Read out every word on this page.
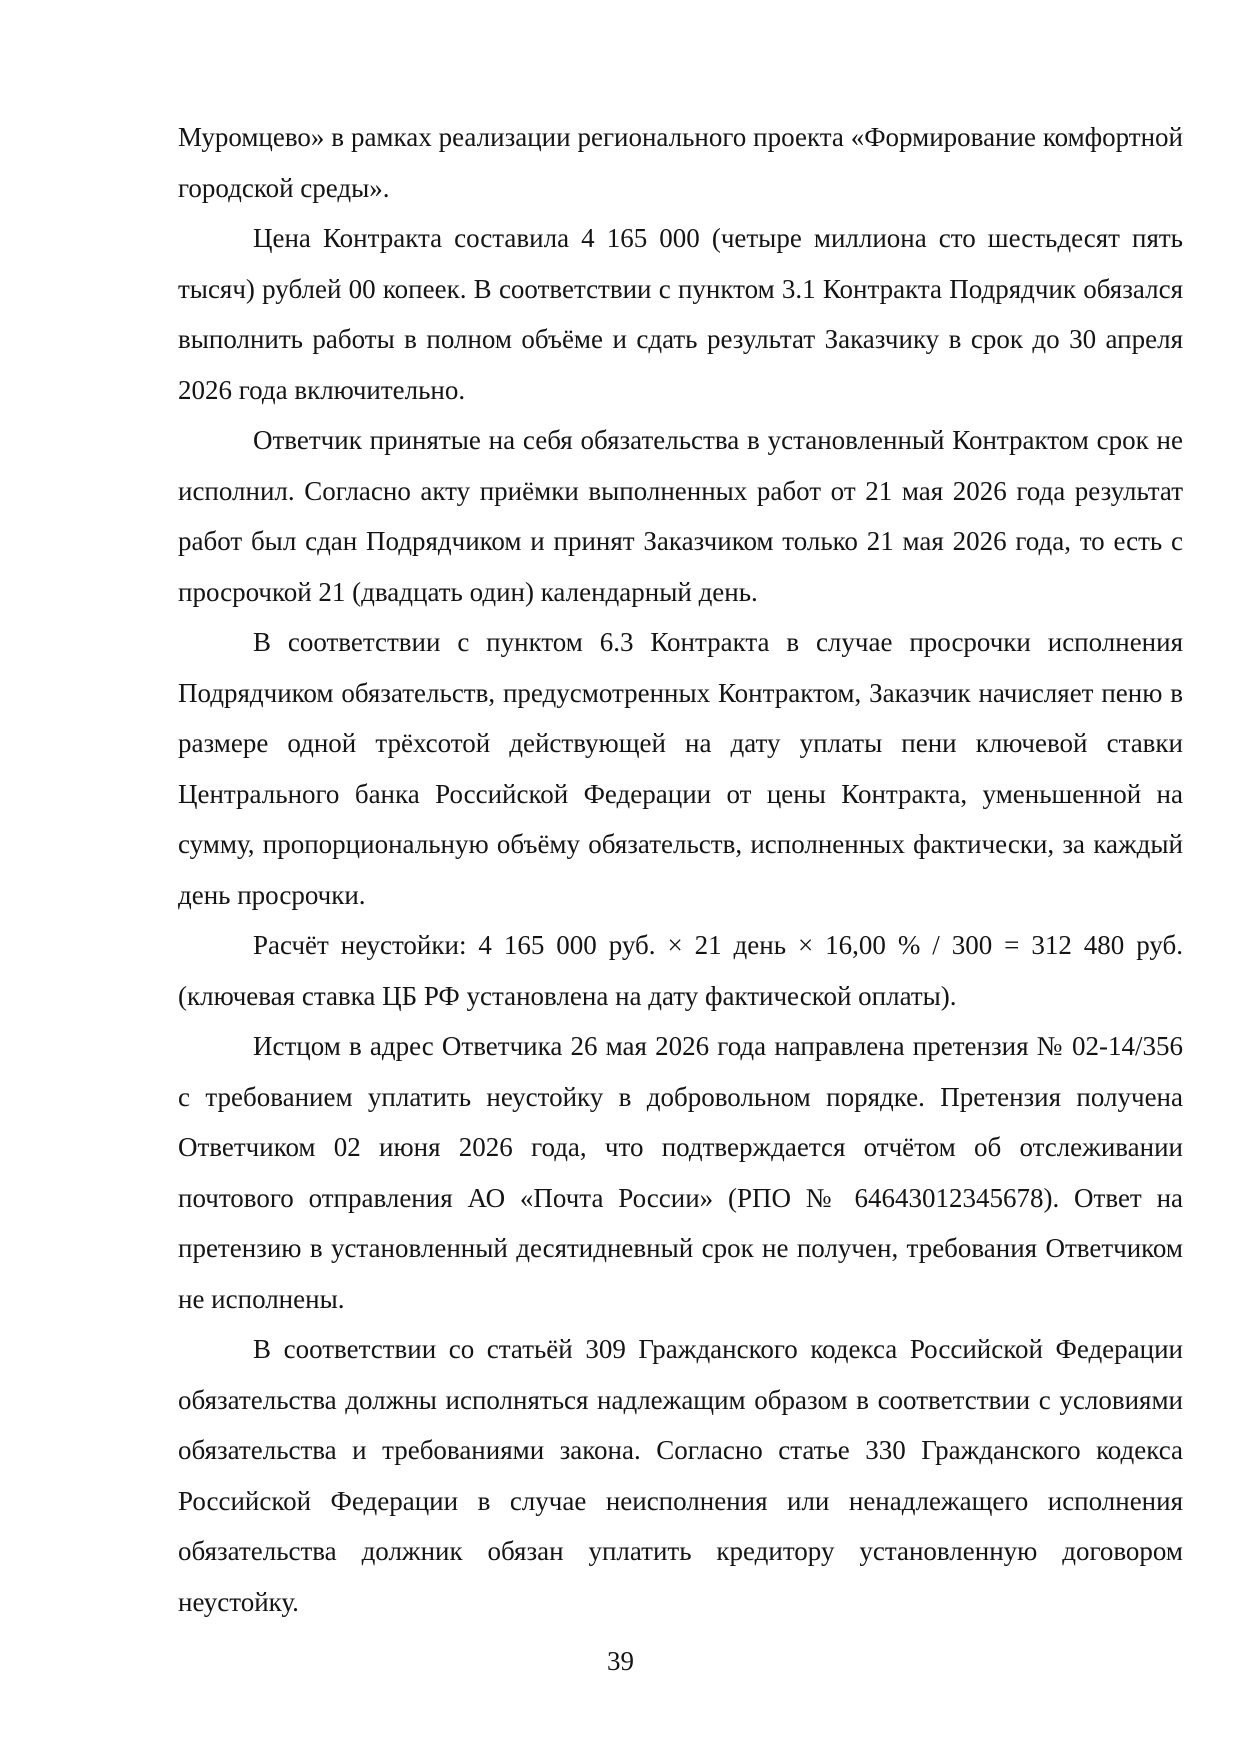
Муромцево» в рамках реализации регионального проекта «Формирование комфортной городской среды».

Цена Контракта составила 4 165 000 (четыре миллиона сто шестьдесят пять тысяч) рублей 00 копеек. В соответствии с пунктом 3.1 Контракта Подрядчик обязался выполнить работы в полном объёме и сдать результат Заказчику в срок до 30 апреля 2026 года включительно.

Ответчик принятые на себя обязательства в установленный Контрактом срок не исполнил. Согласно акту приёмки выполненных работ от 21 мая 2026 года результат работ был сдан Подрядчиком и принят Заказчиком только 21 мая 2026 года, то есть с просрочкой 21 (двадцать один) календарный день.

В соответствии с пунктом 6.3 Контракта в случае просрочки исполнения Подрядчиком обязательств, предусмотренных Контрактом, Заказчик начисляет пеню в размере одной трёхсотой действующей на дату уплаты пени ключевой ставки Центрального банка Российской Федерации от цены Контракта, уменьшенной на сумму, пропорциональную объёму обязательств, исполненных фактически, за каждый день просрочки.

Расчёт неустойки: 4 165 000 руб. × 21 день × 16,00 % / 300 = 312 480 руб. (ключевая ставка ЦБ РФ установлена на дату фактической оплаты).

Истцом в адрес Ответчика 26 мая 2026 года направлена претензия № 02-14/356 с требованием уплатить неустойку в добровольном порядке. Претензия получена Ответчиком 02 июня 2026 года, что подтверждается отчётом об отслеживании почтового отправления АО «Почта России» (РПО № 64643012345678). Ответ на претензию в установленный десятидневный срок не получен, требования Ответчиком не исполнены.

В соответствии со статьёй 309 Гражданского кодекса Российской Федерации обязательства должны исполняться надлежащим образом в соответствии с условиями обязательства и требованиями закона. Согласно статье 330 Гражданского кодекса Российской Федерации в случае неисполнения или ненадлежащего исполнения обязательства должник обязан уплатить кредитору установленную договором неустойку.

39
